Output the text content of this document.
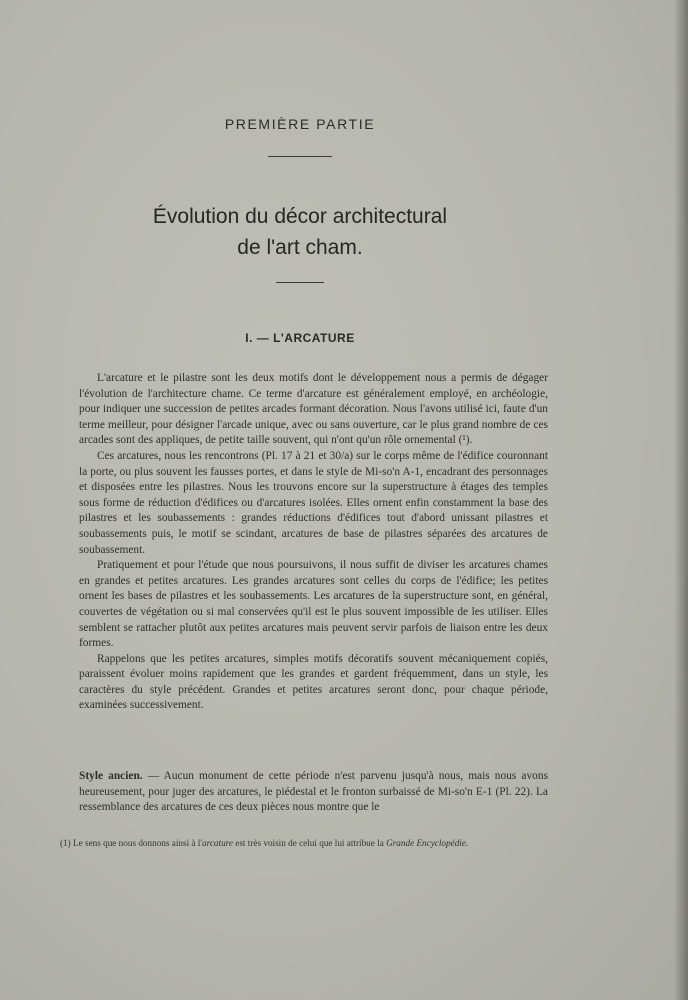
PREMIÈRE PARTIE
Évolution du décor architectural
de l'art cham.
I. — L'ARCATURE

L'arcature et le pilastre sont les deux motifs dont le développement nous a permis de dégager l'évolution de l'architecture chame. Ce terme d'arcature est généralement employé, en archéologie, pour indiquer une succession de petites arcades formant décoration. Nous l'avons utilisé ici, faute d'un terme meilleur, pour désigner l'arcade unique, avec ou sans ouverture, car le plus grand nombre de ces arcades sont des appliques, de petite taille souvent, qui n'ont qu'un rôle ornemental (¹).

Ces arcatures, nous les rencontrons (Pl. 17 à 21 et 30/a) sur le corps même de l'édifice couronnant la porte, ou plus souvent les fausses portes, et dans le style de Mi-so'n A-1, encadrant des personnages et disposées entre les pilastres. Nous les trouvons encore sur la superstructure à étages des temples sous forme de réduction d'édifices ou d'arcatures isolées. Elles ornent enfin constamment la base des pilastres et les soubassements : grandes réductions d'édifices tout d'abord unissant pilastres et soubassements puis, le motif se scindant, arcatures de base de pilastres séparées des arcatures de soubassement.

Pratiquement et pour l'étude que nous poursuivons, il nous suffit de diviser les arcatures chames en grandes et petites arcatures. Les grandes arcatures sont celles du corps de l'édifice; les petites ornent les bases de pilastres et les soubassements. Les arcatures de la superstructure sont, en général, couvertes de végétation ou si mal conservées qu'il est le plus souvent impossible de les utiliser. Elles semblent se rattacher plutôt aux petites arcatures mais peuvent servir parfois de liaison entre les deux formes.

Rappelons que les petites arcatures, simples motifs décoratifs souvent mécaniquement copiés, paraissent évoluer moins rapidement que les grandes et gardent fréquemment, dans un style, les caractères du style précédent. Grandes et petites arcatures seront donc, pour chaque période, examinées successivement.

Style ancien. — Aucun monument de cette période n'est parvenu jusqu'à nous, mais nous avons heureusement, pour juger des arcatures, le piédestal et le fronton surbaissé de Mi-so'n E-1 (Pl. 22). La ressemblance des arcatures de ces deux pièces nous montre que le

(1) Le sens que nous donnons ainsi à l'arcature est très voisin de celui que lui attribue la Grande Encyclopédie.
